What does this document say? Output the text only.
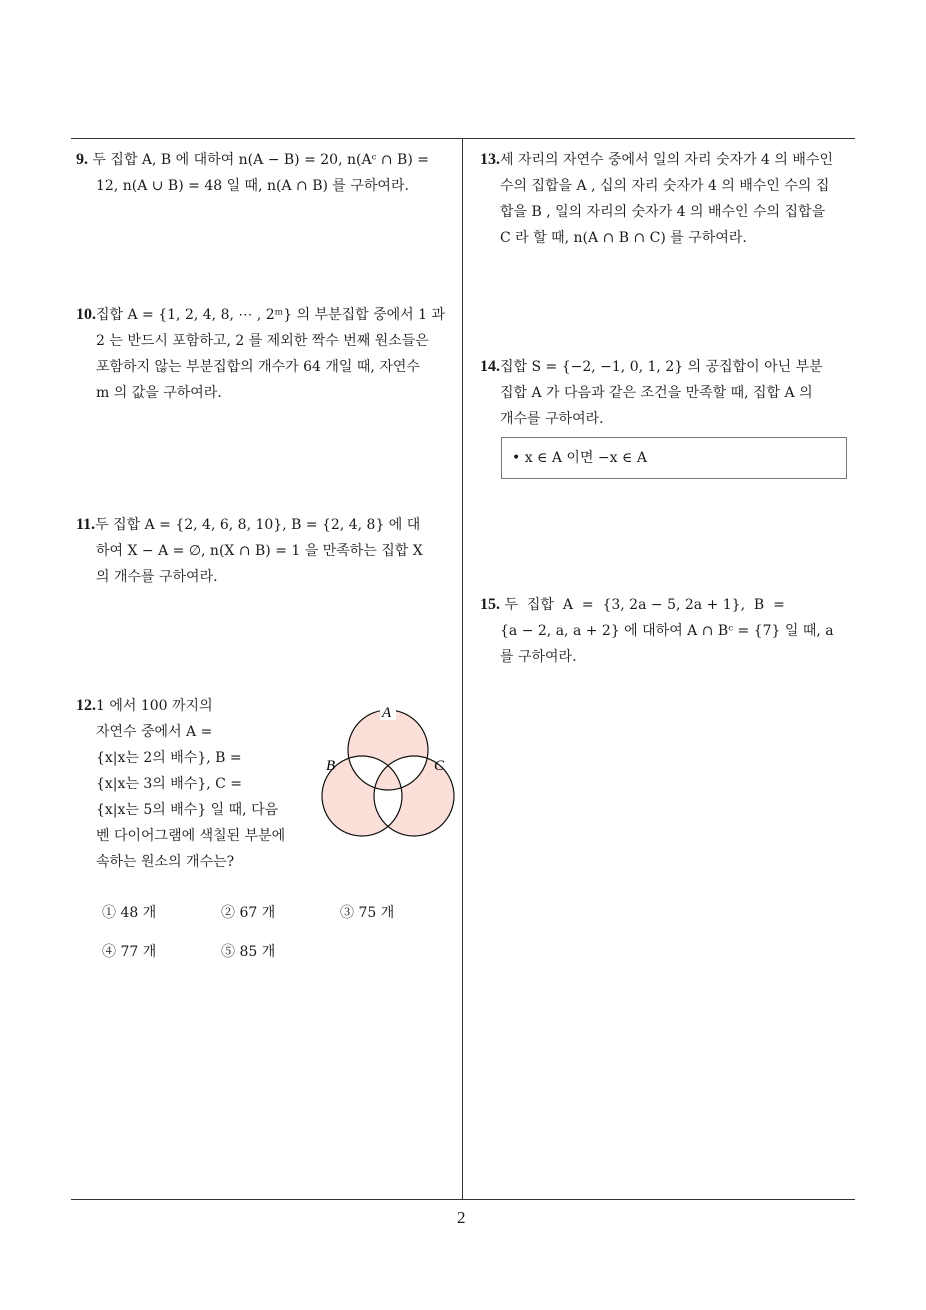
9. 두 집합 A, B 에 대하여 n(A − B) = 20, n(Aᶜ ∩ B) =
12, n(A ∪ B) = 48 일 때, n(A ∩ B) 를 구하여라.
10.집합 A = {1, 2, 4, 8, ⋯ , 2ᵐ} 의 부분집합 중에서 1 과
2 는 반드시 포함하고, 2 를 제외한 짝수 번째 원소들은
포함하지 않는 부분집합의 개수가 64 개일 때, 자연수
m 의 값을 구하여라.
11.두 집합 A = {2, 4, 6, 8, 10}, B = {2, 4, 8} 에 대
하여 X − A = ∅, n(X ∩ B) = 1 을 만족하는 집합 X
의 개수를 구하여라.
12.1 에서 100 까지의
자연수 중에서 A =
{x|x는 2의 배수}, B =
{x|x는 3의 배수}, C =
{x|x는 5의 배수} 일 때, 다음
벤 다이어그램에 색칠된 부분에
속하는 원소의 개수는?
A
B	C
① 48 개	② 67 개	③ 75 개
④ 77 개	⑤ 85 개
13.세 자리의 자연수 중에서 일의 자리 숫자가 4 의 배수인
수의 집합을 A , 십의 자리 숫자가 4 의 배수인 수의 집
합을 B , 일의 자리의 숫자가 4 의 배수인 수의 집합을
C 라 할 때, n(A ∩ B ∩ C) 를 구하여라.
14.집합 S = {−2, −1, 0, 1, 2} 의 공집합이 아닌 부분
집합 A 가 다음과 같은 조건을 만족할 때, 집합 A 의
개수를 구하여라.
• x ∈ A 이면 −x ∈ A
15. 두  집합  A  =  {3, 2a − 5, 2a + 1},  B  =
{a − 2, a, a + 2} 에 대하여 A ∩ Bᶜ = {7} 일 때, a
를 구하여라.
2
